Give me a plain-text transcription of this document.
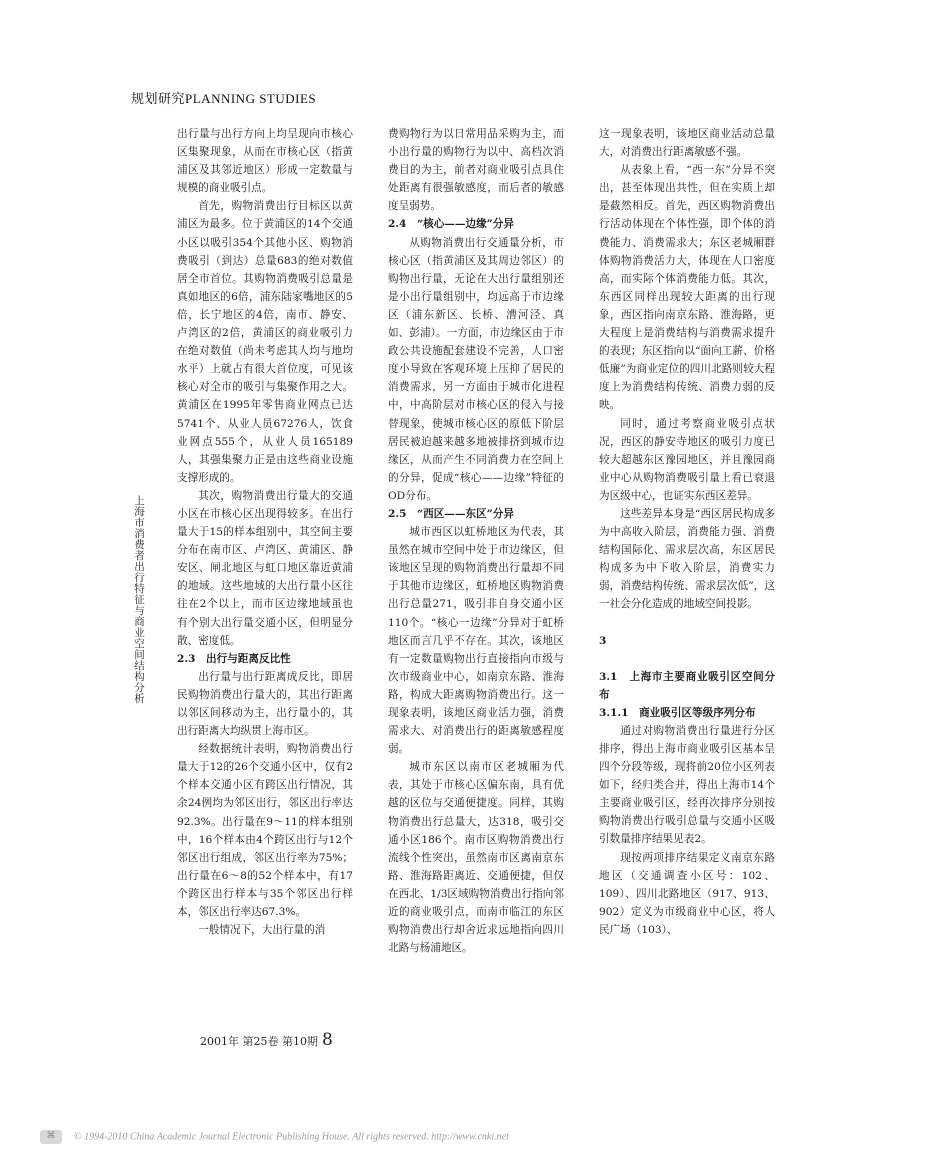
规划研究PLANNING STUDIES
上海市消费者出行特征与商业空间结构分析

出行量与出行方向上均呈现向市核心区集聚现象，从而在市核心区（指黄浦区及其邻近地区）形成一定数量与规模的商业吸引点。

首先，购物消费出行目标区以黄浦区为最多。位于黄浦区的14个交通小区以吸引354个其他小区、购物消费吸引（到达）总量683的绝对数值居全市首位。其购物消费吸引总量是真如地区的6倍，浦东陆家嘴地区的5倍，长宁地区的4倍，南市、静安、卢湾区的2倍，黄浦区的商业吸引力在绝对数值（尚未考虑其人均与地均水平）上就占有很大首位度，可见该核心对全市的吸引与集聚作用之大。黄浦区在1995年零售商业网点已达5741个、从业人员67276人，饮食业网点555个，从业人员165189人，其强集聚力正是由这些商业设施支撑形成的。

其次，购物消费出行量大的交通小区在市核心区出现得较多。在出行量大于15的样本组别中，其空间主要分布在南市区、卢湾区、黄浦区、静安区、闸北地区与虹口地区靠近黄浦的地域。这些地域的大出行量小区往往在2个以上，而市区边缘地域虽也有个别大出行量交通小区，但明显分散、密度低。

2.3　出行与距离反比性

出行量与出行距离成反比，即居民购物消费出行量大的，其出行距离以邻区间移动为主，出行量小的，其出行距离大均纵贯上海市区。

经数据统计表明，购物消费出行量大于12的26个交通小区中，仅有2个样本交通小区有跨区出行情况，其余24例均为邻区出行，邻区出行率达92.3%。出行量在9～11的样本组别中，16个样本由4个跨区出行与12个邻区出行组成，邻区出行率为75%；出行量在6～8的52个样本中，有17个跨区出行样本与35个邻区出行样本，邻区出行率达67.3%。

一般情况下，大出行量的消

费购物行为以日常用品采购为主，而小出行量的购物行为以中、高档次消费目的为主，前者对商业吸引点具住处距离有很强敏感度，而后者的敏感度呈弱势。

2.4　“核心——边缘”分异

从购物消费出行交通量分析，市核心区（指黄浦区及其周边邻区）的购物出行量，无论在大出行量组别还是小出行量组别中，均远高于市边缘区（浦东新区、长桥、漕河泾、真如、彭浦）。一方面，市边缘区由于市政公共设施配套建设不完善，人口密度小导致在客观环境上压抑了居民的消费需求，另一方面由于城市化进程中，中高阶层对市核心区的侵入与接替现象，使城市核心区的原低下阶层居民被迫越来越多地被排挤到城市边缘区，从而产生不同消费力在空间上的分异，促成“核心——边缘”特征的OD分布。

2.5　“西区——东区”分异

城市西区以虹桥地区为代表，其虽然在城市空间中处于市边缘区，但该地区呈现的购物消费出行量却不同于其他市边缘区，虹桥地区购物消费出行总量271，吸引非自身交通小区110个。“核心一边缘”分异对于虹桥地区而言几乎不存在。其次，该地区有一定数量购物出行直接指向市级与次市级商业中心，如南京东路、淮海路，构成大距离购物消费出行。这一现象表明，该地区商业活力强，消费需求大、对消费出行的距离敏感程度弱。

城市东区以南市区老城厢为代表，其处于市核心区偏东南，具有优越的区位与交通便捷度。同样，其购物消费出行总量大，达318，吸引交通小区186个。南市区购物消费出行流线个性突出，虽然南市区离南京东路、淮海路距离近、交通便捷，但仅在西北、1/3区域购物消费出行指向邻近的商业吸引点，而南市临江的东区购物消费出行却舍近求远地指向四川北路与杨浦地区。

这一现象表明，该地区商业活动总量大，对消费出行距离敏感不强。

从表象上看，“西一东”分异不突出，甚至体现出共性，但在实质上却是截然相反。首先，西区购物消费出行活动体现在个体性强，即个体的消费能力、消费需求大；东区老城厢群体购物消费活力大，体现在人口密度高，而实际个体消费能力低。其次，东西区同样出现较大距离的出行现象，西区指向南京东路、淮海路，更大程度上是消费结构与消费需求提升的表现；东区指向以“面向工薪、价格低廉”为商业定位的四川北路则较大程度上为消费结构传统、消费力弱的反映。

同时，通过考察商业吸引点状况，西区的静安寺地区的吸引力度已较大超越东区豫园地区，并且豫园商业中心从购物消费吸引量上看已衰退为区级中心，也证实东西区差异。

这些差异本身是“西区居民构成多为中高收入阶层，消费能力强、消费结构国际化、需求层次高，东区居民构成多为中下收入阶层，消费实力弱，消费结构传统、需求层次低”，这一社会分化造成的地域空间投影。

3

3.1　上海市主要商业吸引区空间分布

3.1.1　商业吸引区等级序列分布

通过对购物消费出行量进行分区排序，得出上海市商业吸引区基本呈四个分段等级，现将前20位小区列表如下，经归类合并，得出上海市14个主要商业吸引区，经再次排序分别按购物消费出行吸引总量与交通小区吸引数量排序结果见表2。

现按两项排序结果定义南京东路地区（交通调查小区号：102、109）、四川北路地区（917、913、902）定义为市级商业中心区，将人民广场（103）、

2001年 第25卷 第10期 8
⌘ © 1994-2010 China Academic Journal Electronic Publishing House. All rights reserved. http://www.cnki.net
